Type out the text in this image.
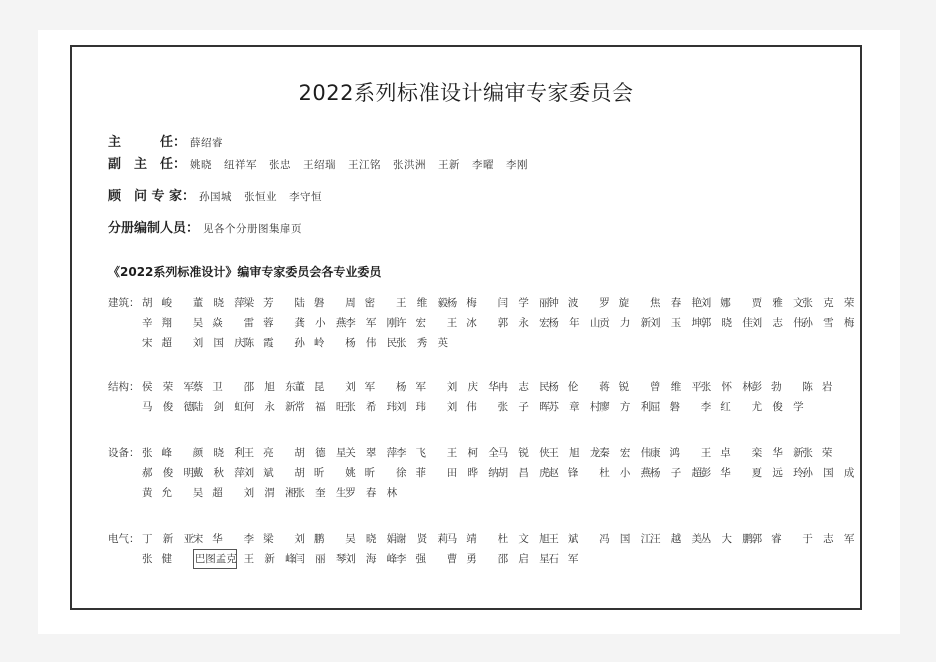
2022系列标准设计编审专家委员会
主　　　任： 薛绍睿
副　主　任： 姚晓 纽祥军 张忠 王绍瑞 王江铭 张洪洲 王新 李曜 李刚
顾　问 专 家： 孙国城 张恒业 李守恒
分册编制人员： 见各个分册图集扉页
《2022系列标准设计》编审专家委员会各专业委员
建筑： 胡峻 董晓萍
梁芳 陆磐 周密 王维毅
杨梅 闫学丽
钟波 罗旋 焦春艳
刘娜 贾雅文
张克荣
辛翔 吴焱 雷蓉 龚小燕
李军刚
许宏 王冰 郭永宏
杨年山
贡力新
刘玉坤
郭晓佳
刘志伟
孙雪梅
宋超 刘国庆
陈霞 孙岭 杨伟民
张秀英
结构： 侯荣军
蔡卫 邵旭东
董昆 刘军 杨军 刘庆华
冉志民
杨伦 蒋锐 曾维平
张怀林
彭勃 陈岩
马俊德
陆剑虹
何永新
常福旺
张希玮
刘玮 刘伟 张子晖
苏章村
廖方利
屈磐 李红 尤俊学
设备： 张峰 颜晓利
王亮 胡德星
关翠萍
李飞 王柯全
马锐侠
王旭龙
秦宏伟
康鸿 王卓 栾华新
张荣
郝俊明
戴秋萍
刘斌 胡昕 姚昕 徐菲 田晔纳
胡昌虎
赵锋 杜小燕
杨子超
彭华 夏远玲
孙国成
黄允 吴超 刘渭湘
张奎生
罗春林
电气： 丁新亚
宋华 李梁 刘鹏 吴晓娟
谢贤莉
马靖 杜文旭
王斌 冯国江
汪越美
丛大鹏
郭睿 于志军
张健 巴图孟克 王新峰
闫丽琴
刘海峰
李强 曹勇 邵启星
石军
